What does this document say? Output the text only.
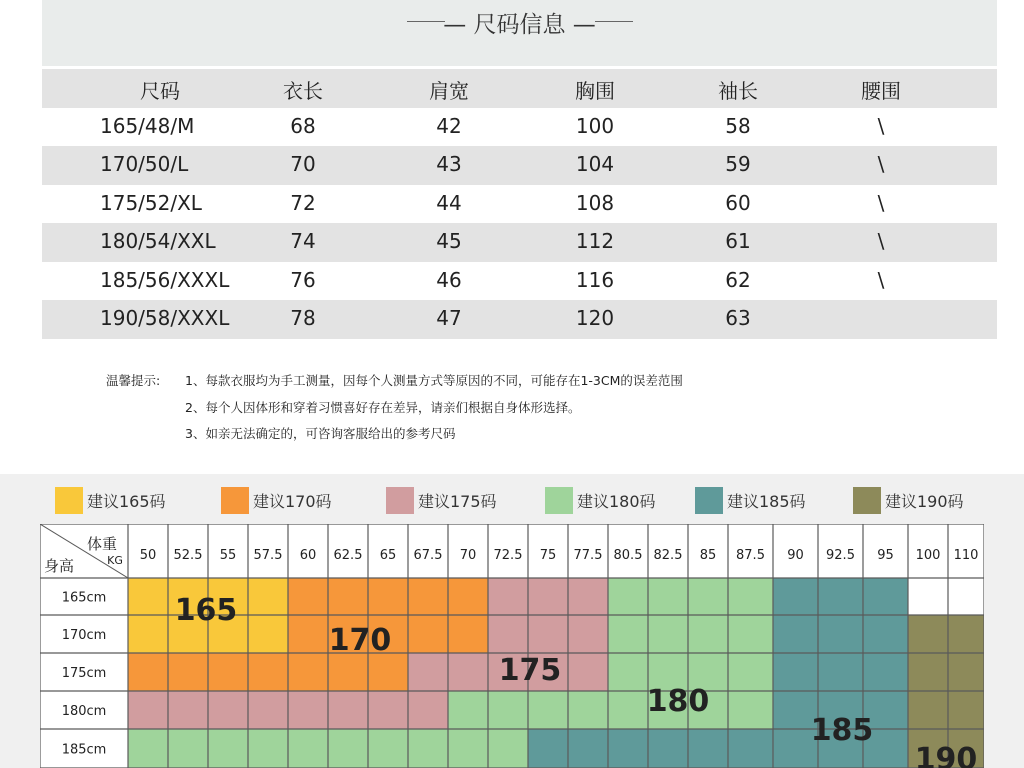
— 尺码信息 —
尺码	衣长	肩宽	胸围	袖长	腰围
165/48/M	68	42	100	58	\
170/50/L	70	43	104	59	\
175/52/XL	72	44	108	60	\
180/54/XXL	74	45	112	61	\
185/56/XXXL	76	46	116	62	\
190/58/XXXL	78	47	120	63
温馨提示: 1、每款衣服均为手工测量，因每个人测量方式等原因的不同，可能存在1-3CM的误差范围
2、每个人因体形和穿着习惯喜好存在差异，请亲们根据自身体形选择。
3、如亲无法确定的，可咨询客服给出的参考尺码
建议165码	建议170码	建议175码	建议180码	建议185码	建议190码
体重
KG
身高
50 52.5 55 57.5 60 62.5 65 67.5 70 72.5 75 77.5 80.5 82.5 85 87.5 90 92.5 95 100 110
165cm
170cm
175cm
180cm
185cm
165
170
175
180
185
190
